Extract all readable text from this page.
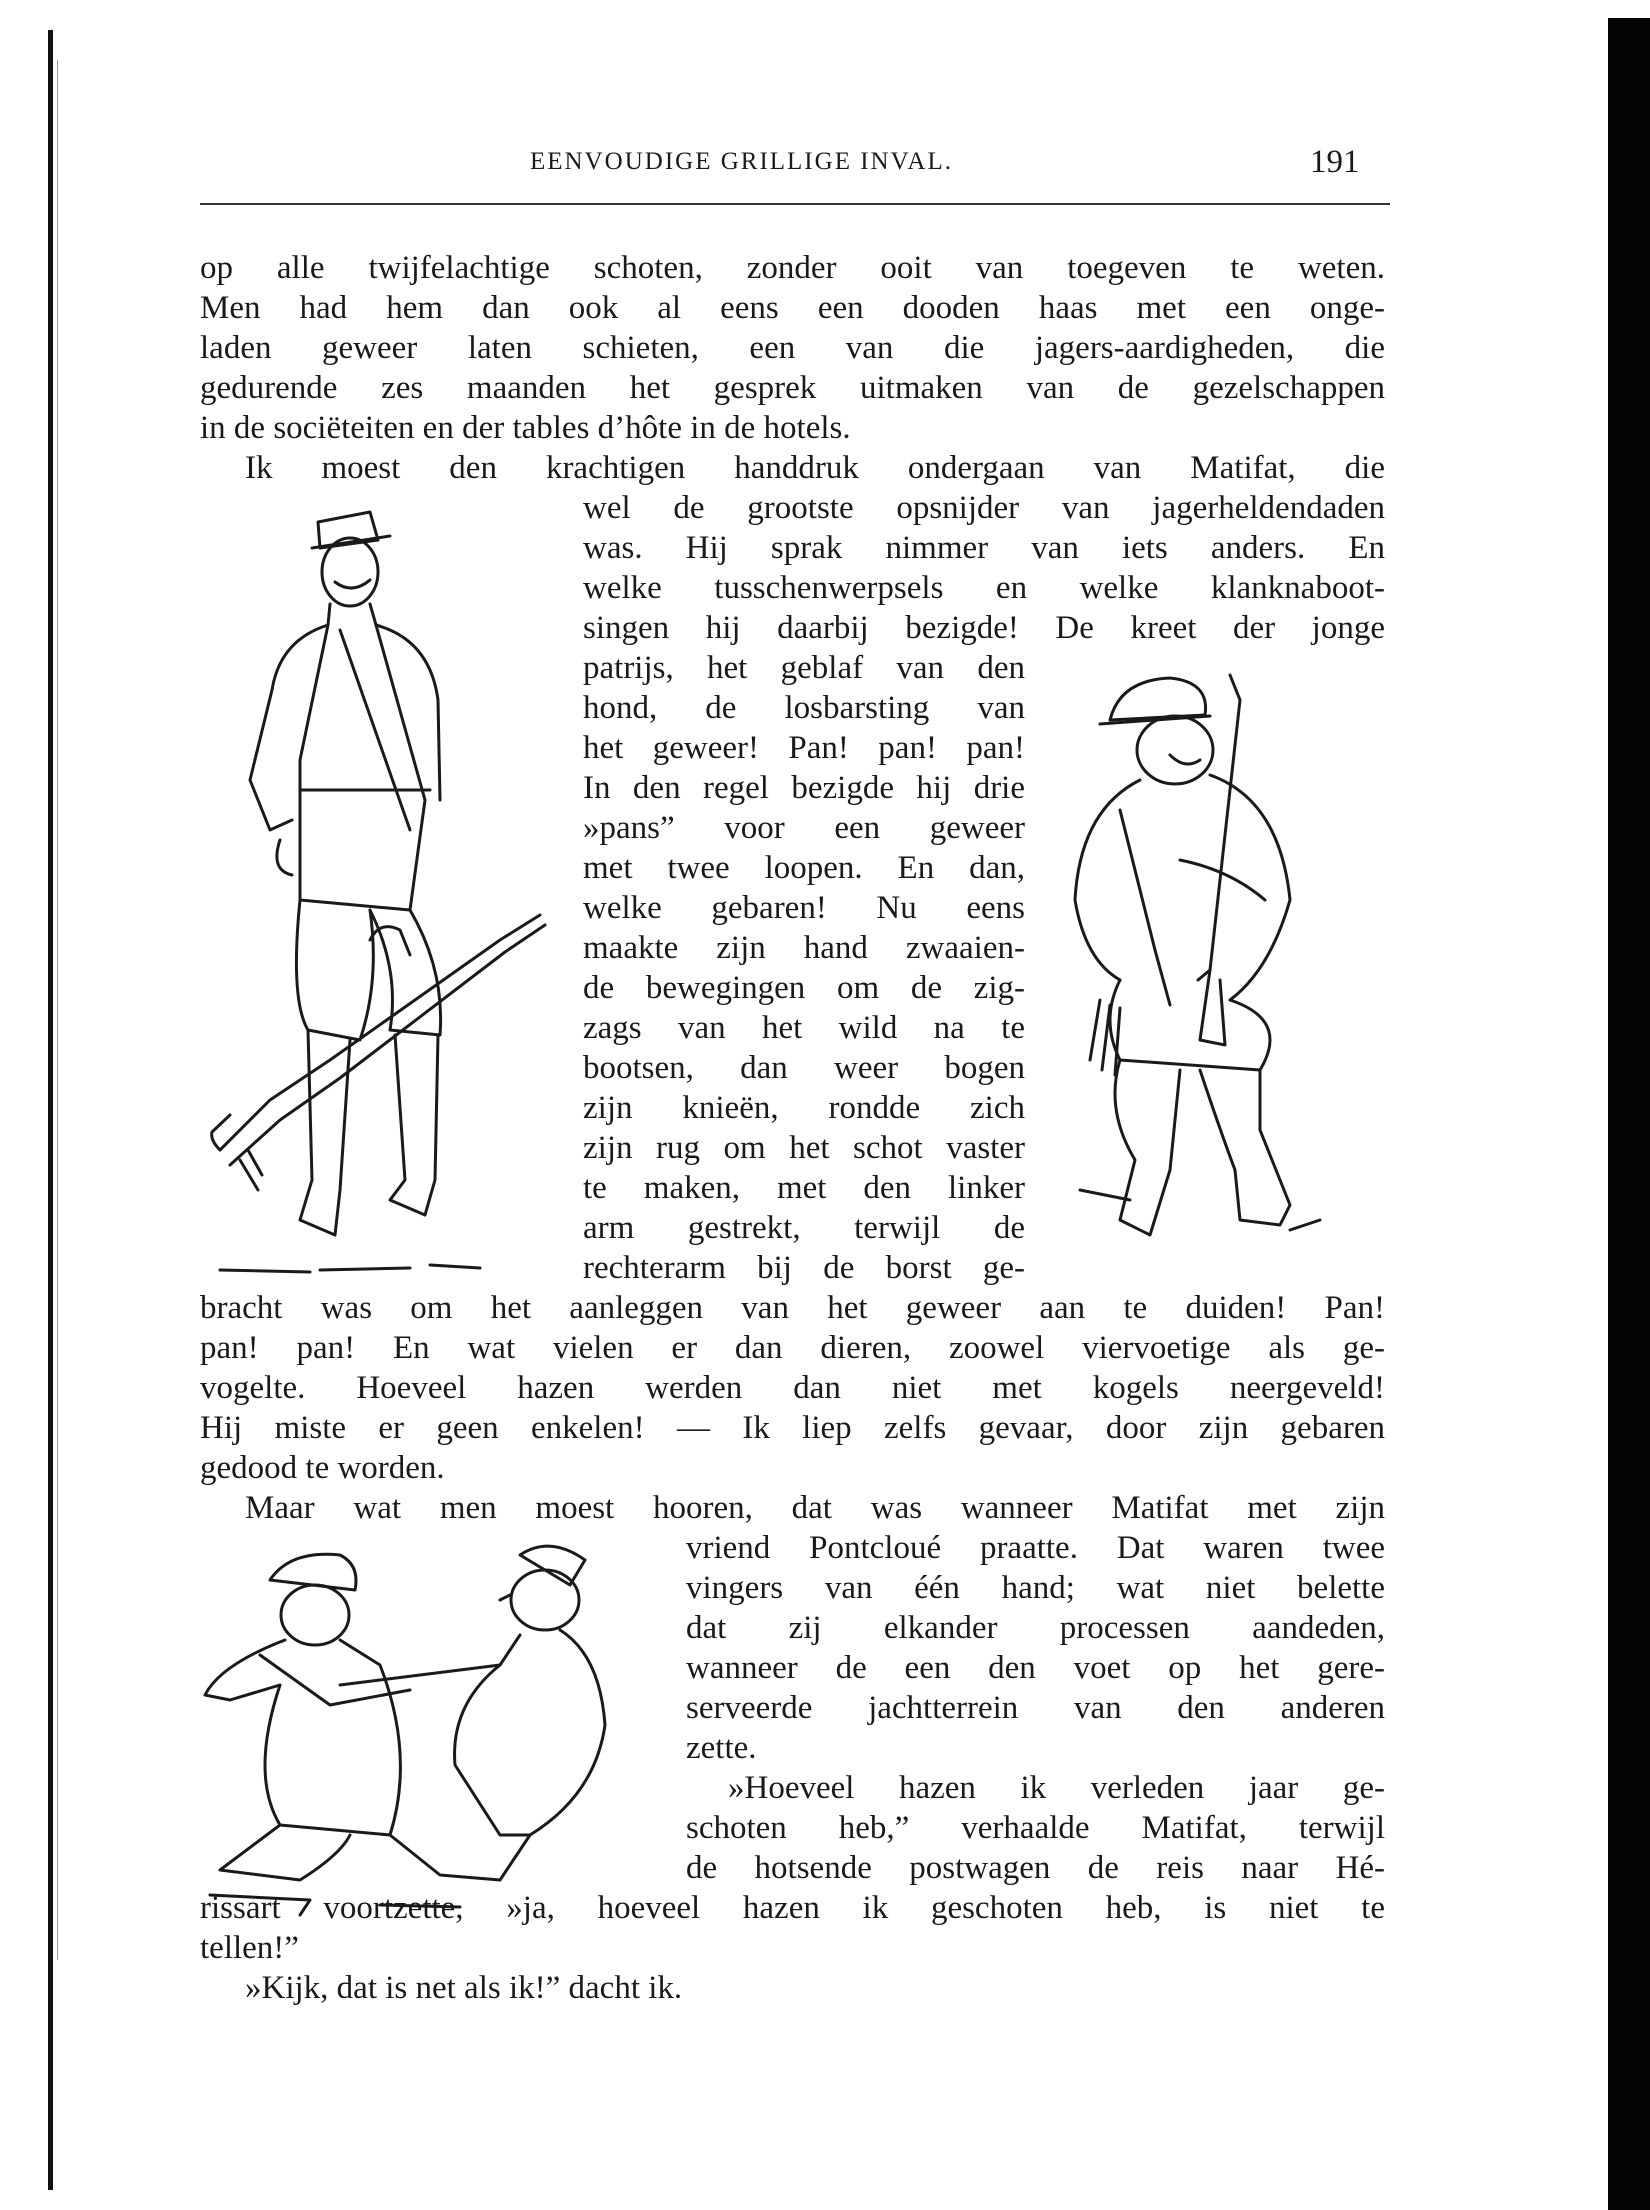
EENVOUDIGE GRILLIGE INVAL.	191
op alle twijfelachtige schoten, zonder ooit van toegeven te weten.
Men had hem dan ook al eens een dooden haas met een onge-
laden geweer laten schieten, een van die jagers-aardigheden, die
gedurende zes maanden het gesprek uitmaken van de gezelschappen
in de sociëteiten en der tables d’hôte in de hotels.
Ik moest den krachtigen handdruk ondergaan van Matifat, die
wel de grootste opsnijder van jagerheldendaden
was. Hij sprak nimmer van iets anders. En
welke tusschenwerpsels en welke klanknaboot-
singen hij daarbij bezigde! De kreet der jonge
patrijs, het geblaf van den
hond, de losbarsting van
het geweer! Pan! pan! pan!
In den regel bezigde hij drie
»pans” voor een geweer
met twee loopen. En dan,
welke gebaren! Nu eens
maakte zijn hand zwaaien-
de bewegingen om de zig-
zags van het wild na te
bootsen, dan weer bogen
zijn knieën, rondde zich
zijn rug om het schot vaster
te maken, met den linker
arm gestrekt, terwijl de
rechterarm bij de borst ge-
bracht was om het aanleggen van het geweer aan te duiden! Pan!
pan! pan! En wat vielen er dan dieren, zoowel viervoetige als ge-
vogelte. Hoeveel hazen werden dan niet met kogels neergeveld!
Hij miste er geen enkelen! — Ik liep zelfs gevaar, door zijn gebaren
gedood te worden.
Maar wat men moest hooren, dat was wanneer Matifat met zijn
vriend Pontcloué praatte. Dat waren twee
vingers van één hand; wat niet belette
dat zij elkander processen aandeden,
wanneer de een den voet op het gere-
serveerde jachtterrein van den anderen
zette.
»Hoeveel hazen ik verleden jaar ge-
schoten heb,” verhaalde Matifat, terwijl
de hotsende postwagen de reis naar Hé-
rissart voortzette, »ja, hoeveel hazen ik geschoten heb, is niet te
tellen!”
»Kijk, dat is net als ik!” dacht ik.
